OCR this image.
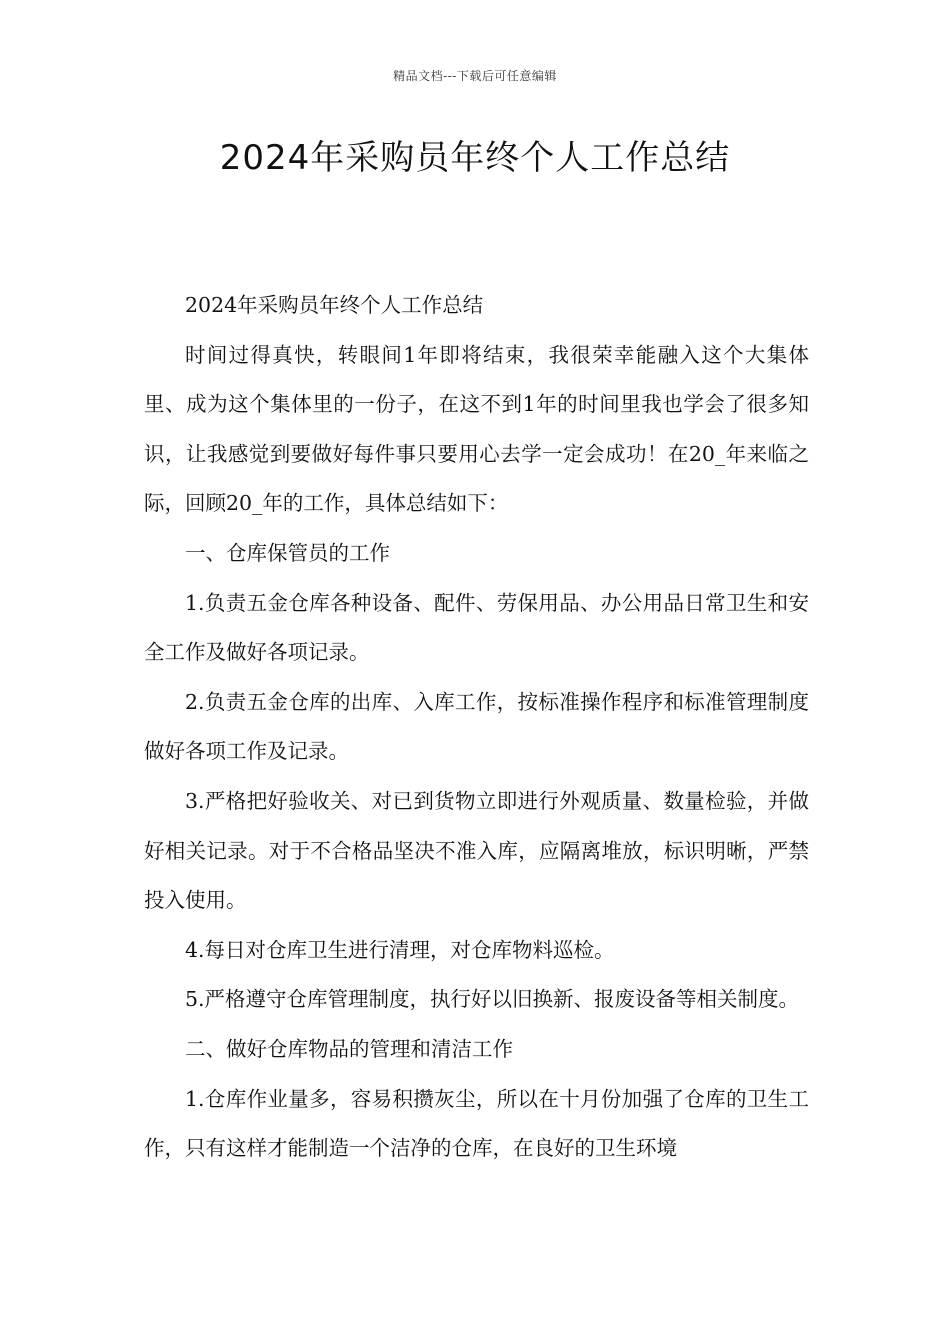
精品文档---下载后可任意编辑
2024年采购员年终个人工作总结

2024年采购员年终个人工作总结

时间过得真快，转眼间1年即将结束，我很荣幸能融入这个大集体里、成为这个集体里的一份子，在这不到1年的时间里我也学会了很多知识，让我感觉到要做好每件事只要用心去学一定会成功！在20_年来临之际，回顾20_年的工作，具体总结如下：

一、仓库保管员的工作

1.负责五金仓库各种设备、配件、劳保用品、办公用品日常卫生和安全工作及做好各项记录。

2.负责五金仓库的出库、入库工作，按标准操作程序和标准管理制度做好各项工作及记录。

3.严格把好验收关、对已到货物立即进行外观质量、数量检验，并做好相关记录。对于不合格品坚决不准入库，应隔离堆放，标识明晰，严禁投入使用。

4.每日对仓库卫生进行清理，对仓库物料巡检。

5.严格遵守仓库管理制度，执行好以旧换新、报废设备等相关制度。

二、做好仓库物品的管理和清洁工作

1.仓库作业量多，容易积攒灰尘，所以在十月份加强了仓库的卫生工作，只有这样才能制造一个洁净的仓库，在良好的卫生环境
